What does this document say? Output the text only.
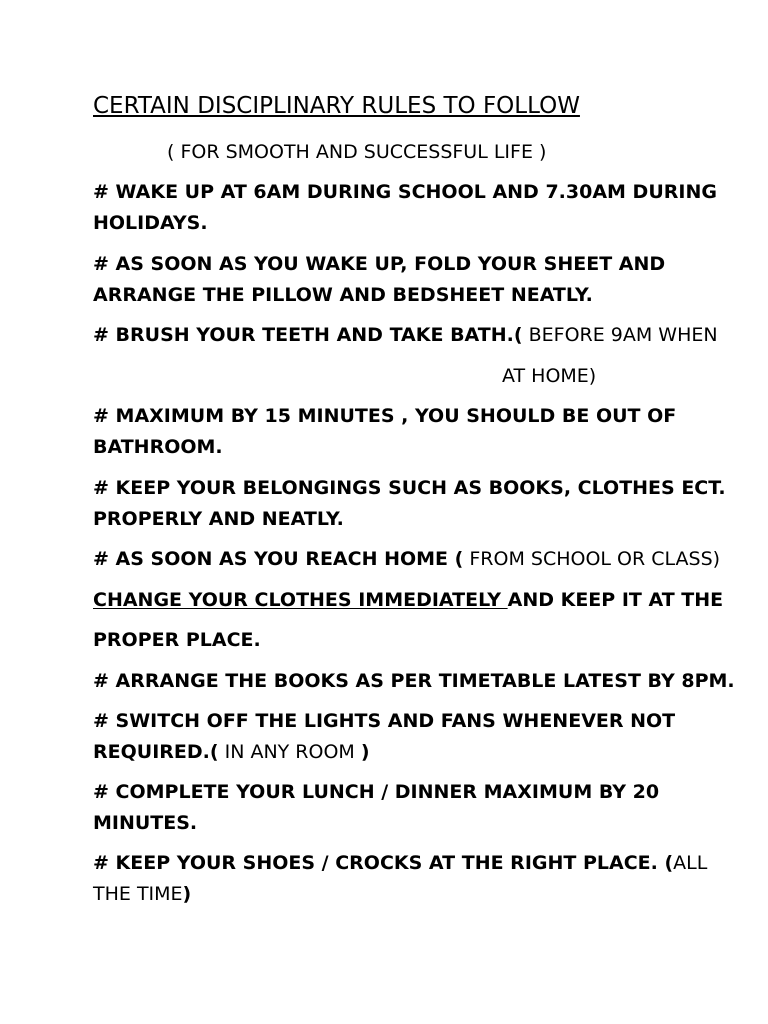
CERTAIN DISCIPLINARY RULES TO FOLLOW
( FOR SMOOTH AND SUCCESSFUL LIFE )
# WAKE UP AT 6AM DURING SCHOOL AND 7.30AM DURING
HOLIDAYS.
# AS SOON AS YOU WAKE UP, FOLD YOUR SHEET AND
ARRANGE THE PILLOW AND BEDSHEET NEATLY.
# BRUSH YOUR TEETH AND TAKE BATH.( BEFORE 9AM WHEN
AT HOME)
# MAXIMUM BY 15 MINUTES , YOU SHOULD BE OUT OF
BATHROOM.
# KEEP YOUR BELONGINGS SUCH AS BOOKS, CLOTHES ECT.
PROPERLY AND NEATLY.
# AS SOON AS YOU REACH HOME ( FROM SCHOOL OR CLASS)
CHANGE YOUR CLOTHES IMMEDIATELY AND KEEP IT AT THE
PROPER PLACE.
# ARRANGE THE BOOKS AS PER TIMETABLE LATEST BY 8PM.
# SWITCH OFF THE LIGHTS AND FANS WHENEVER NOT
REQUIRED.( IN ANY ROOM )
# COMPLETE YOUR LUNCH / DINNER MAXIMUM BY 20
MINUTES.
# KEEP YOUR SHOES / CROCKS AT THE RIGHT PLACE. (ALL
THE TIME)
